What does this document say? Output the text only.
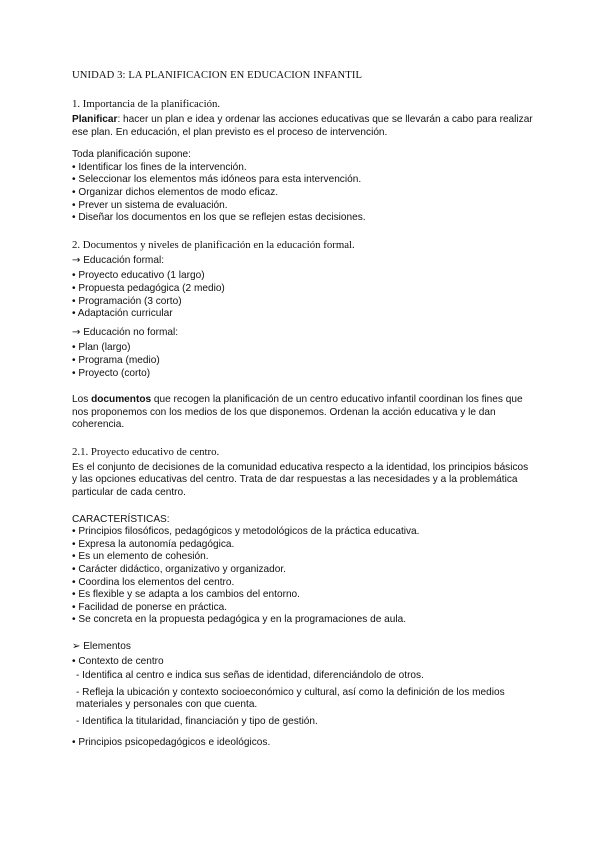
UNIDAD 3: LA PLANIFICACION EN EDUCACION INFANTIL
1. Importancia de la planificación.

Planificar: hacer un plan e idea y ordenar las acciones educativas que se llevarán a cabo para realizar ese plan. En educación, el plan previsto es el proceso de intervención.

Toda planificación supone:

• Identificar los fines de la intervención.
• Seleccionar los elementos más idóneos para esta intervención.
• Organizar dichos elementos de modo eficaz.
• Prever un sistema de evaluación.
• Diseñar los documentos en los que se reflejen estas decisiones.
2. Documentos y niveles de planificación en la educación formal.

→ Educación formal:

• Proyecto educativo (1 largo)
• Propuesta pedagógica (2 medio)
• Programación (3 corto)
• Adaptación curricular

→ Educación no formal:

• Plan (largo)
• Programa (medio)
• Proyecto (corto)

Los documentos que recogen la planificación de un centro educativo infantil coordinan los fines que nos proponemos con los medios de los que disponemos. Ordenan la acción educativa y le dan coherencia.

2.1. Proyecto educativo de centro.

Es el conjunto de decisiones de la comunidad educativa respecto a la identidad, los principios básicos y las opciones educativas del centro. Trata de dar respuestas a las necesidades y a la problemática particular de cada centro.

CARACTERÍSTICAS:

• Principios filosóficos, pedagógicos y metodológicos de la práctica educativa.
• Expresa la autonomía pedagógica.
• Es un elemento de cohesión.
• Carácter didáctico, organizativo y organizador.
• Coordina los elementos del centro.
• Es flexible y se adapta a los cambios del entorno.
• Facilidad de ponerse en práctica.
• Se concreta en la propuesta pedagógica y en la programaciones de aula.

➢ Elementos

• Contexto de centro
- Identifica al centro e indica sus señas de identidad, diferenciándolo de otros.
- Refleja la ubicación y contexto socioeconómico y cultural, así como la definición de los medios materiales y personales con que cuenta.
- Identifica la titularidad, financiación y tipo de gestión.
• Principios psicopedagógicos e ideológicos.
